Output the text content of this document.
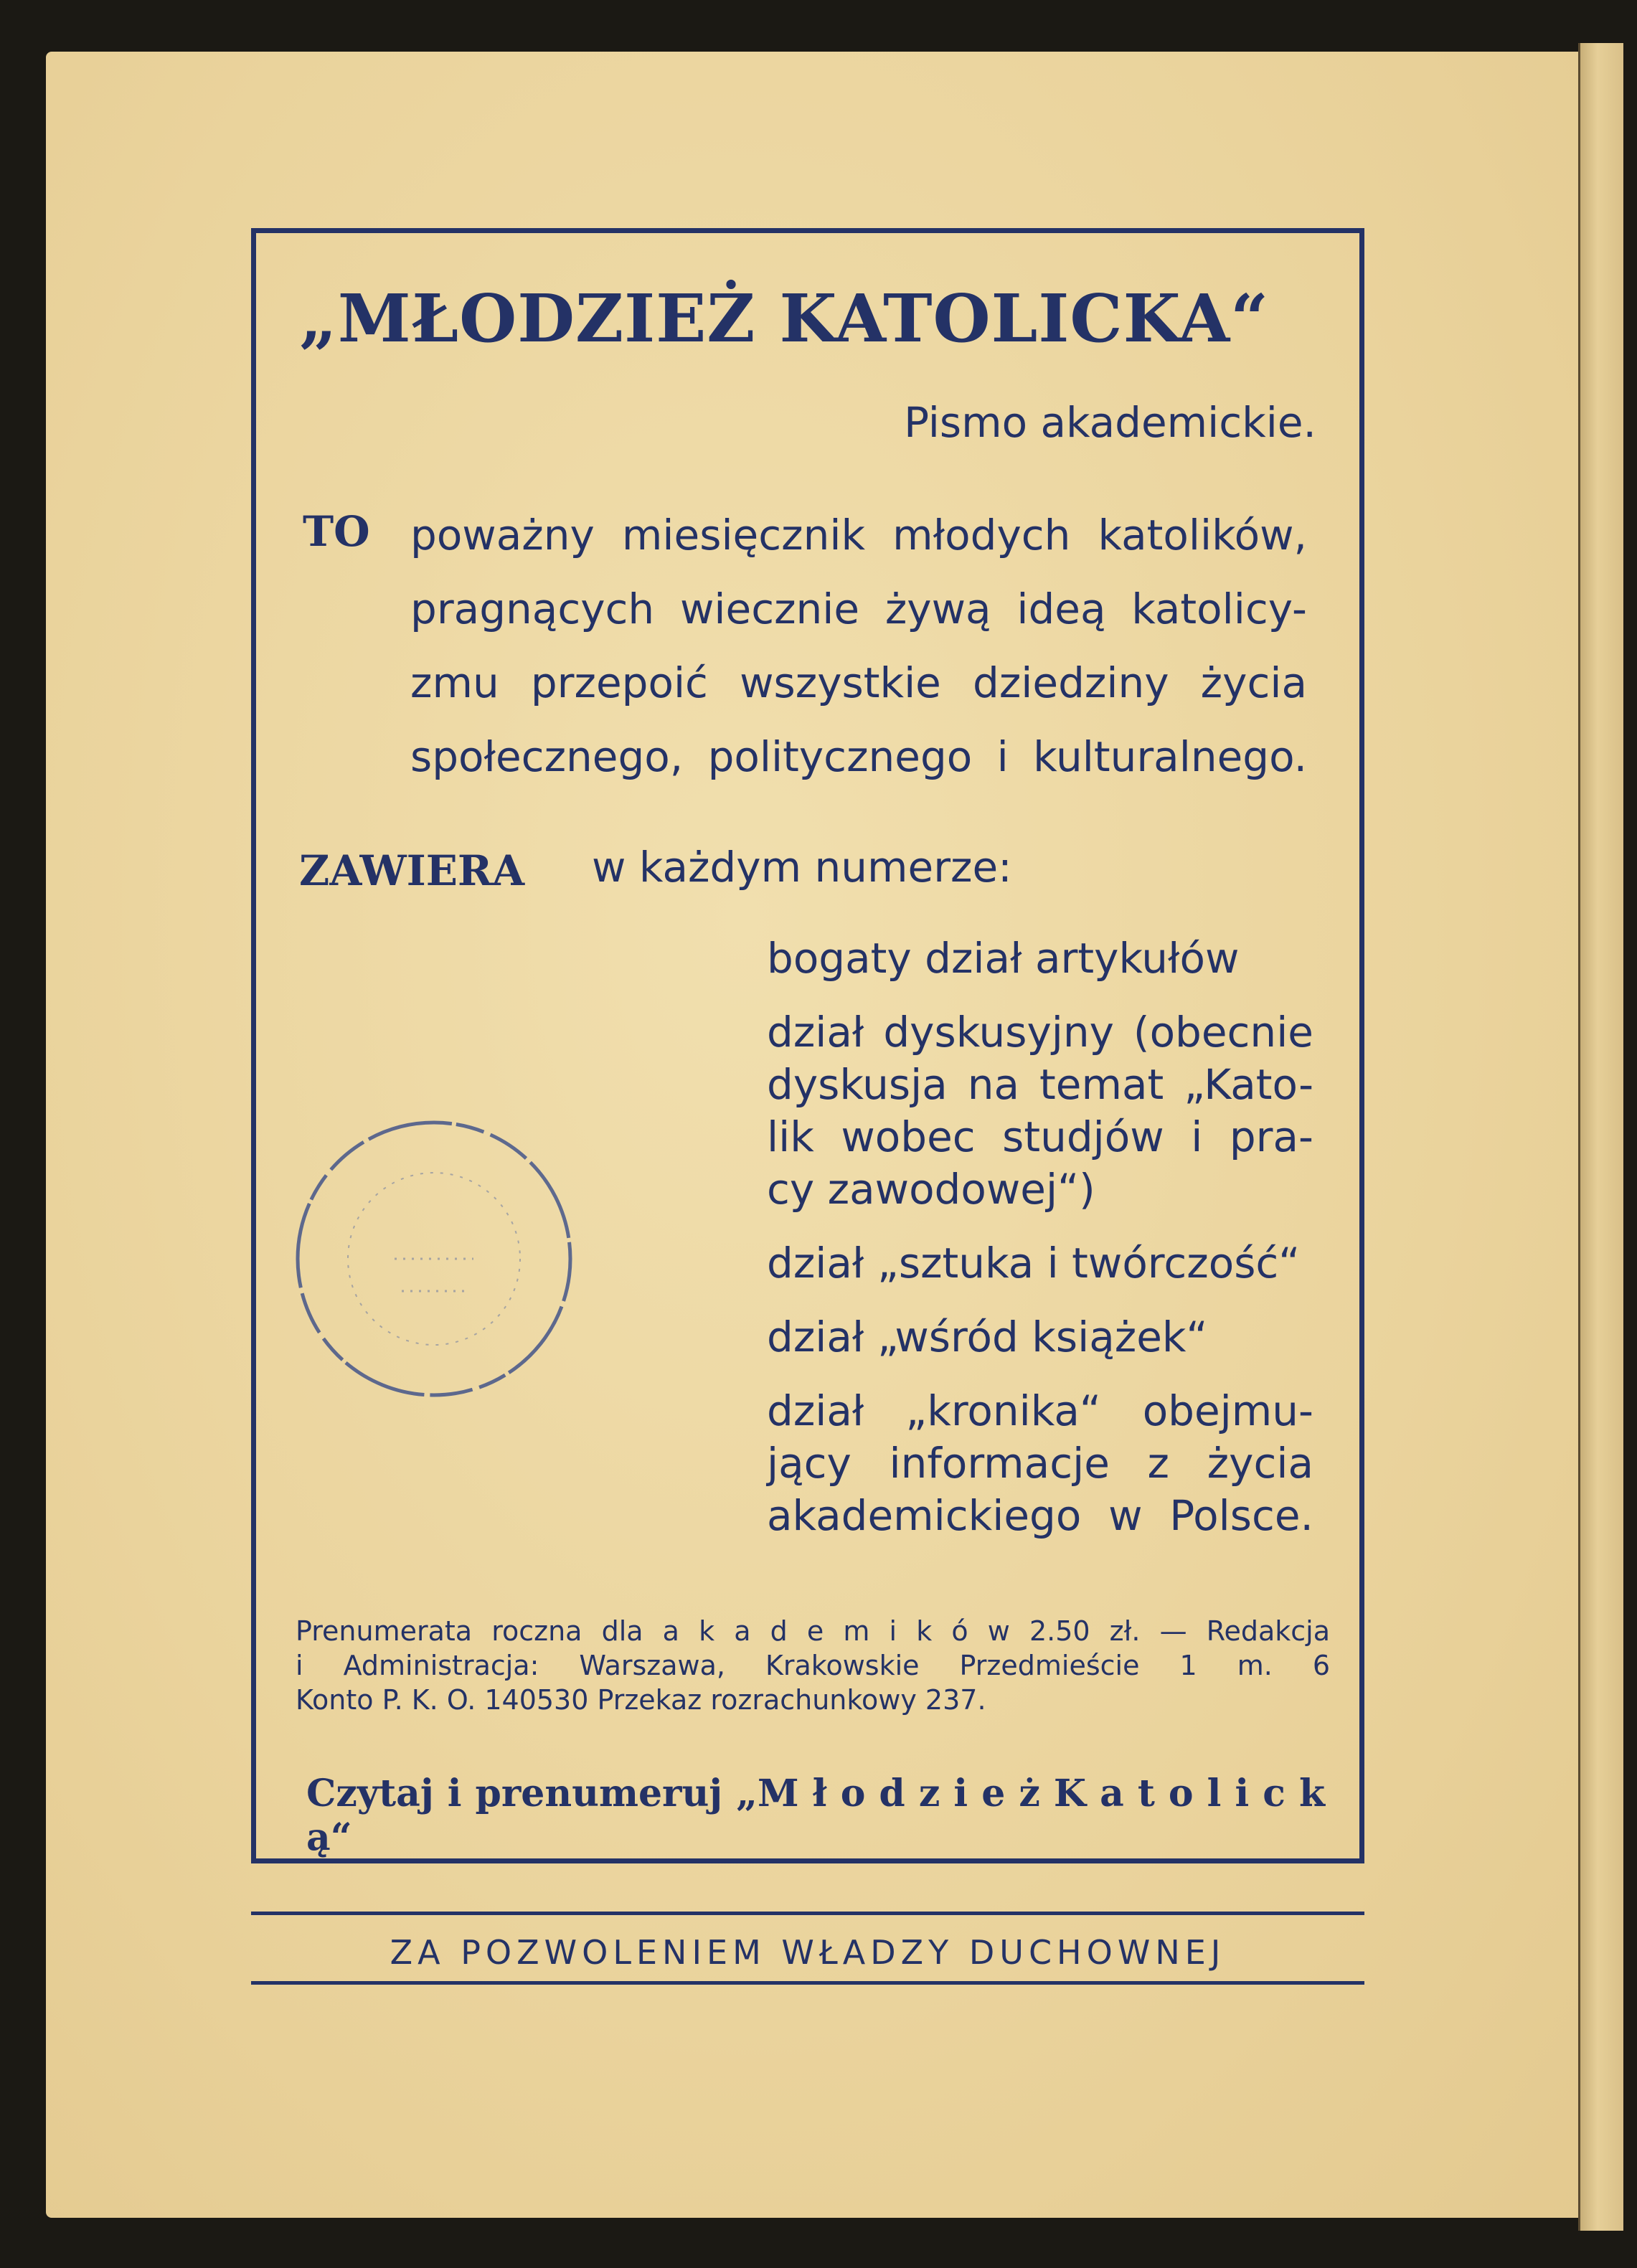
„MŁODZIEŻ KATOLICKA“
Pismo akademickie.
TO poważny miesięcznik młodych katolików,
pragnących wiecznie żywą ideą katolicy-
zmu przepoić wszystkie dziedziny życia
społecznego, politycznego i kulturalnego.
ZAWIERA w każdym numerze:
bogaty dział artykułów
dział dyskusyjny (obecnie
dyskusja na temat „Kato-
lik wobec studjów i pra-
cy zawodowej“)
dział „sztuka i twórczość“
dział „wśród książek“
dział „kronika“ obejmu-
jący informacje z życia
akademickiego w Polsce.
Prenumerata roczna dla a k a d e m i k ó w 2.50 zł. — Redakcja
i Administracja: Warszawa, Krakowskie Przedmieście 1 m. 6
Konto P. K. O. 140530 Przekaz rozrachunkowy 237.
Czytaj i prenumeruj „M ł o d z i e ż K a t o l i c k ą“
ZA POZWOLENIEM WŁADZY DUCHOWNEJ
